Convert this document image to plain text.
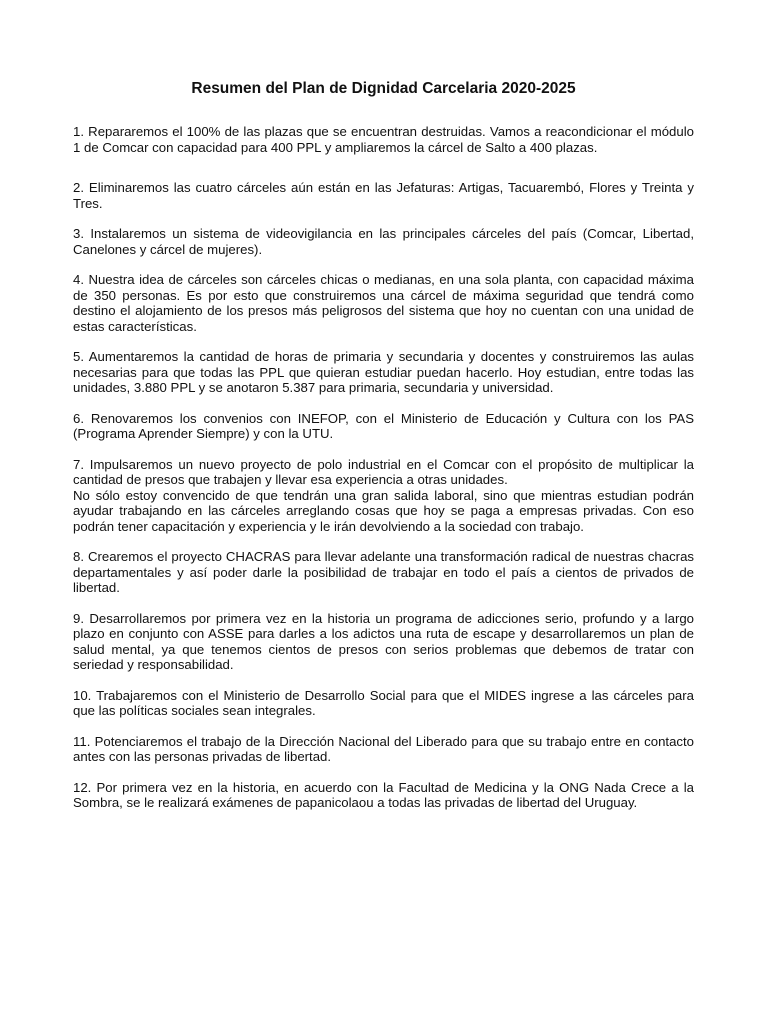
Resumen del Plan de Dignidad Carcelaria 2020-2025

1. Repararemos el 100% de las plazas que se encuentran destruidas. Vamos a reacondicionar el módulo 1 de Comcar con capacidad para 400 PPL y ampliaremos la cárcel de Salto a 400 plazas.

2. Eliminaremos las cuatro cárceles aún están en las Jefaturas: Artigas, Tacuarembó, Flores y Treinta y Tres.

3. Instalaremos un sistema de videovigilancia en las principales cárceles del país (Comcar, Libertad, Canelones y cárcel de mujeres).

4. Nuestra idea de cárceles son cárceles chicas o medianas, en una sola planta, con capacidad máxima de 350 personas. Es por esto que construiremos una cárcel de máxima seguridad que tendrá como destino el alojamiento de los presos más peligrosos del sistema que hoy no cuentan con una unidad de estas características.

5. Aumentaremos la cantidad de horas de primaria y secundaria y docentes y construiremos las aulas necesarias para que todas las PPL que quieran estudiar puedan hacerlo. Hoy estudian, entre todas las unidades, 3.880 PPL y se anotaron 5.387 para primaria, secundaria y universidad.

6. Renovaremos los convenios con INEFOP, con el Ministerio de Educación y Cultura con los PAS (Programa Aprender Siempre) y con la UTU.

7. Impulsaremos un nuevo proyecto de polo industrial en el Comcar con el propósito de multiplicar la cantidad de presos que trabajen y llevar esa experiencia a otras unidades.
No sólo estoy convencido de que tendrán una gran salida laboral, sino que mientras estudian podrán ayudar trabajando en las cárceles arreglando cosas que hoy se paga a empresas privadas. Con eso podrán tener capacitación y experiencia y le irán devolviendo a la sociedad con trabajo.

8. Crearemos el proyecto CHACRAS para llevar adelante una transformación radical de nuestras chacras departamentales y así poder darle la posibilidad de trabajar en todo el país a cientos de privados de libertad.

9. Desarrollaremos por primera vez en la historia un programa de adicciones serio, profundo y a largo plazo en conjunto con ASSE para darles a los adictos una ruta de escape y desarrollaremos un plan de salud mental, ya que tenemos cientos de presos con serios problemas que debemos de tratar con seriedad y responsabilidad.

10. Trabajaremos con el Ministerio de Desarrollo Social para que el MIDES ingrese a las cárceles para que las políticas sociales sean integrales.

11. Potenciaremos el trabajo de la Dirección Nacional del Liberado para que su trabajo entre en contacto antes con las personas privadas de libertad.

12. Por primera vez en la historia, en acuerdo con la Facultad de Medicina y la ONG Nada Crece a la Sombra, se le realizará exámenes de papanicolaou a todas las privadas de libertad del Uruguay.
